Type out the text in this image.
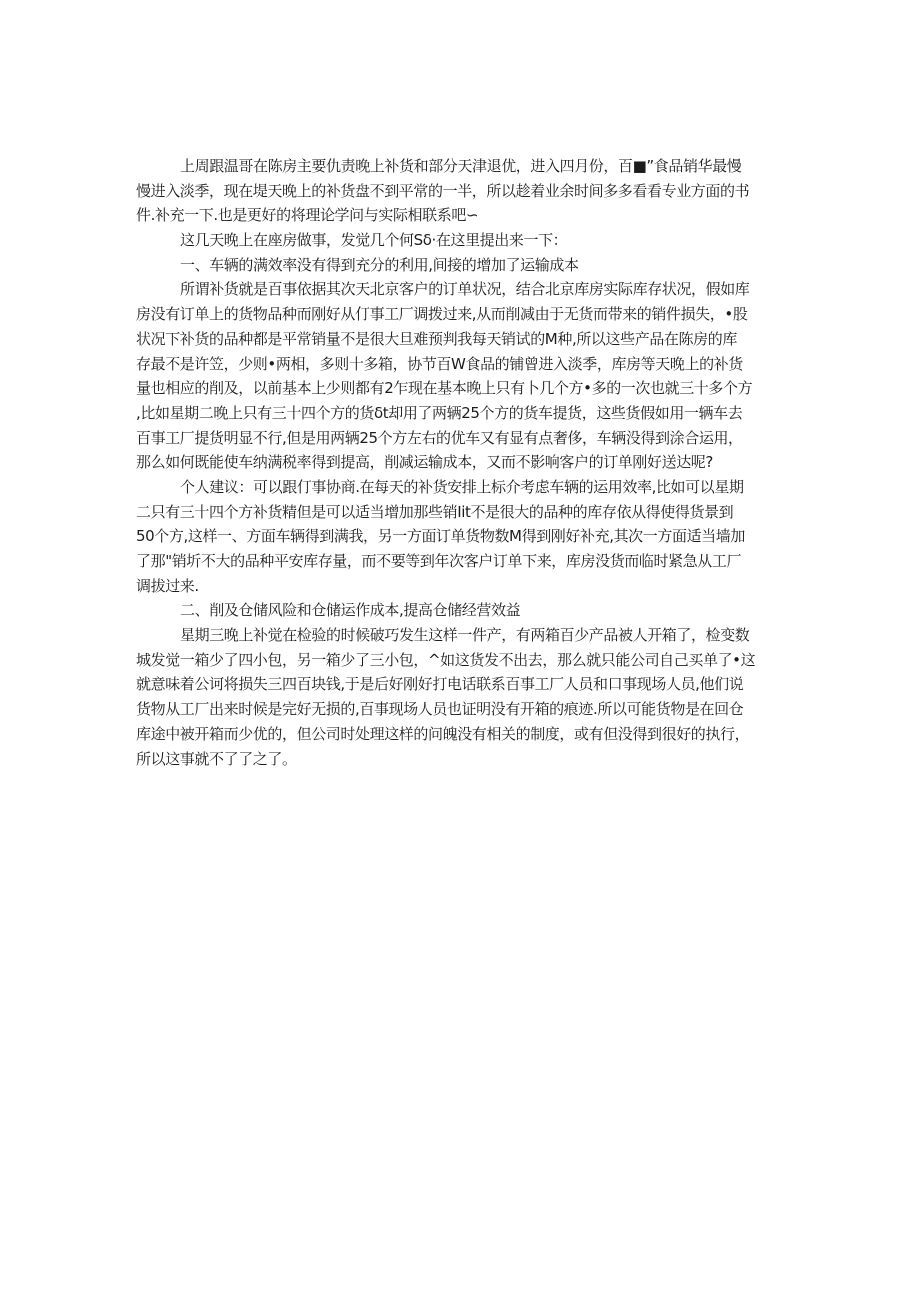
上周跟温哥在陈房主要仇责晚上补货和部分天津退优，进入四月份，百■”食品销华最慢
慢进入淡季，现在堤天晚上的补货盘不到平常的一半，所以趁着业余时间多多看看专业方面的书
件.补充一下.也是更好的将理论学问与实际相联系吧∽
这几天晚上在座房做事，发觉几个何Sδ·在这里提出来一下：
一、车辆的满效率没有得到充分的利用,间接的增加了运输成本
所谓补货就是百事依据其次天北京客户的订单状况，结合北京库房实际库存状况，假如库
房没有订单上的货物品种而刚好从仃事工厂调拨过来,从而削减由于无货而带来的销件损失，•股
状况下补货的品种都是平常销量不是很大旦难预判我每天销试的M种,所以这些产品在陈房的库
存最不是许笠，少则•两相，多则十多箱，协节百W食品的铺曾进入淡季，库房等天晚上的补货
量也相应的削及，以前基本上少则都有2乍现在基本晚上只有卜几个方•多的一次也就三十多个方
,比如星期二晚上只有三十四个方的货δt却用了两辆25个方的货车提货，这些货假如用一辆车去
百事工厂提货明显不行,但是用两辆25个方左右的优车又有显有点奢侈，车辆没得到涂合运用，
那么如何既能使车纳满税率得到提高，削减运输成本，又而不影响客户的订单刚好送达呢?
个人建议：可以跟仃事协商.在每天的补货安排上标介考虑车辆的运用效率,比如可以星期
二只有三十四个方补货精但是可以适当增加那些销Iit不是很大的品种的库存依从得使得货景到
50个方,这样一、方面车辆得到满我，另一方面订单货物数M得到刚好补充,其次一方面适当墙加
了那"销圻不大的品种平安库存量，而不要等到年次客户订单下来，库房没货而临时紧急从工厂
调拔过来.
二、削及仓储风险和仓储运作成本,提高仓储经营效益
星期三晚上补觉在检验的时候破巧发生这样一件产，有两箱百少产品被人开箱了，检变数
城发觉一箱少了四小包，另一箱少了三小包，^如这货发不出去，那么就只能公司自己买单了•这
就意味着公诃将损失三四百块钱,于是后好刚好打电话联系百事工厂人员和口事现场人员,他们说
货物从工厂出来时候是完好无损的,百事现场人员也证明没有开箱的痕迹.所以可能货物是在回仓
库途中被开箱而少优的，但公司时处理这样的问魄没有相关的制度，或有但没得到很好的执行，
所以这事就不了了之了。
